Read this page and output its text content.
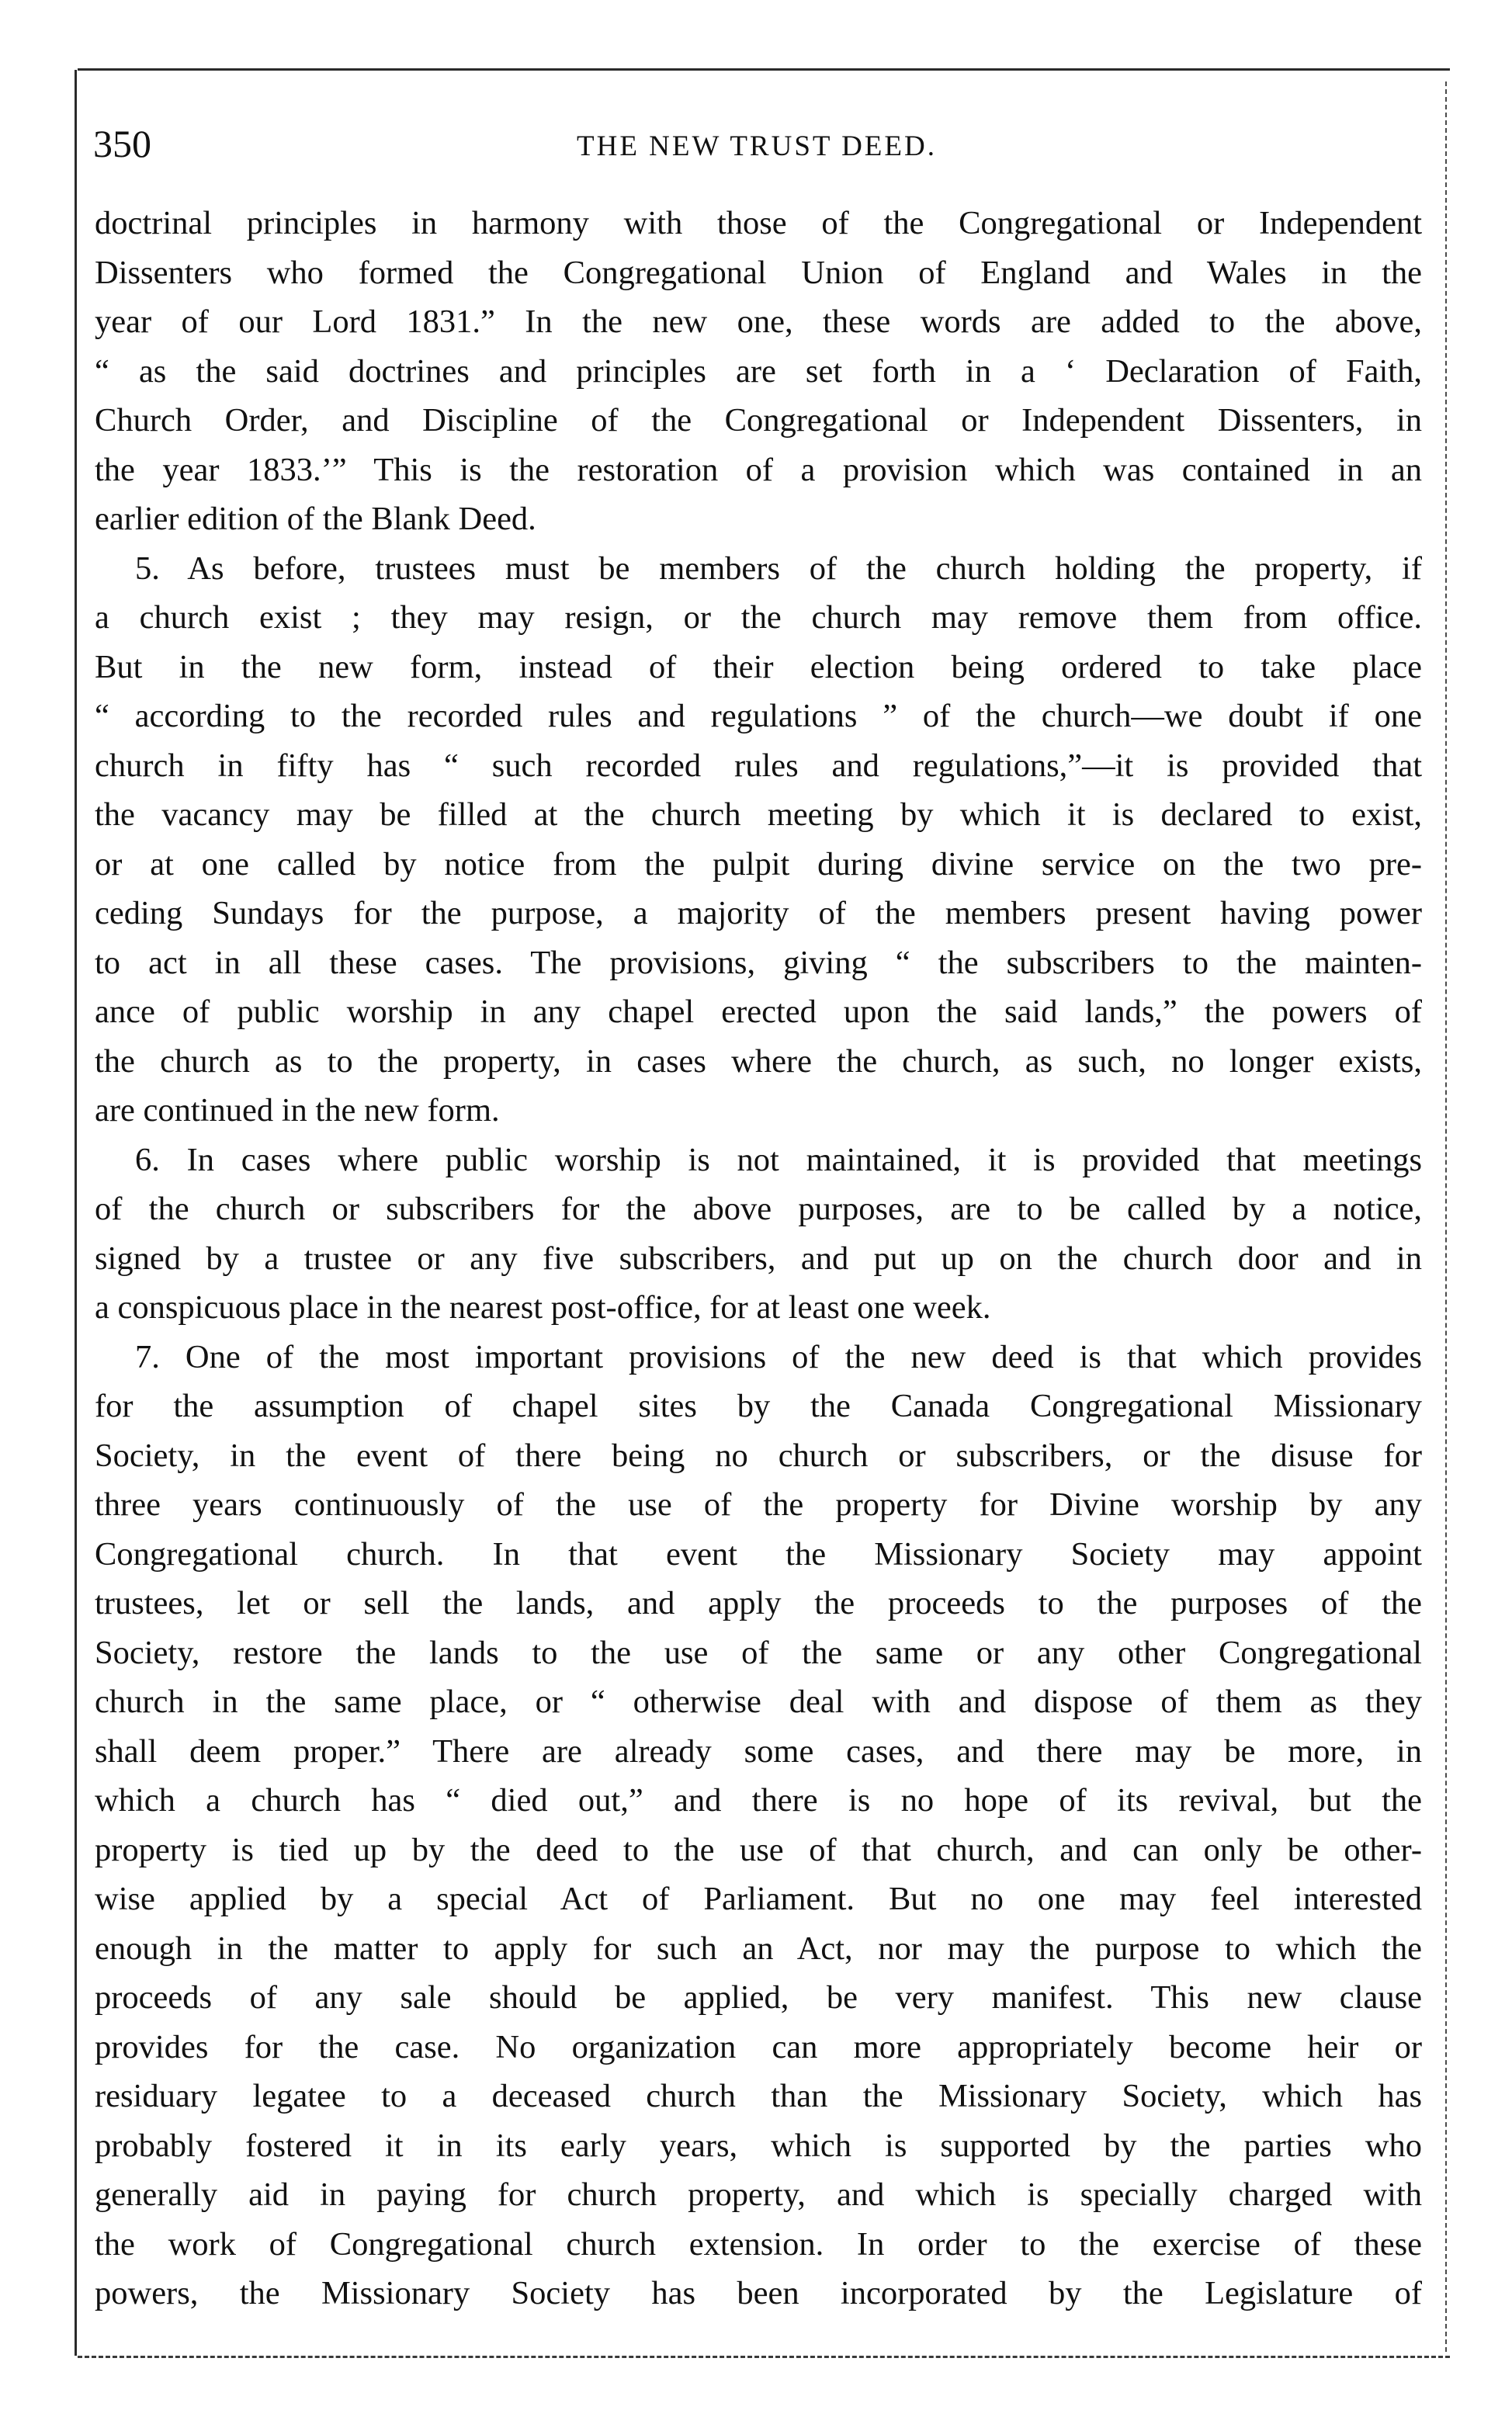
350	THE NEW TRUST DEED.
doctrinal principles in harmony with those of the Congregational or Independent
Dissenters who formed the Congregational Union of England and Wales in the
year of our Lord 1831.” In the new one, these words are added to the above,
“ as the said doctrines and principles are set forth in a ‘ Declaration of Faith,
Church Order, and Discipline of the Congregational or Independent Dissenters, in
the year 1833.’” This is the restoration of a provision which was contained in an
earlier edition of the Blank Deed.
5. As before, trustees must be members of the church holding the property, if
a church exist ; they may resign, or the church may remove them from office.
But in the new form, instead of their election being ordered to take place
“ according to the recorded rules and regulations ” of the church—we doubt if one
church in fifty has “ such recorded rules and regulations,”—it is provided that
the vacancy may be filled at the church meeting by which it is declared to exist,
or at one called by notice from the pulpit during divine service on the two pre-
ceding Sundays for the purpose, a majority of the members present having power
to act in all these cases. The provisions, giving “ the subscribers to the mainten-
ance of public worship in any chapel erected upon the said lands,” the powers of
the church as to the property, in cases where the church, as such, no longer exists,
are continued in the new form.
6. In cases where public worship is not maintained, it is provided that meetings
of the church or subscribers for the above purposes, are to be called by a notice,
signed by a trustee or any five subscribers, and put up on the church door and in
a conspicuous place in the nearest post-office, for at least one week.
7. One of the most important provisions of the new deed is that which provides
for the assumption of chapel sites by the Canada Congregational Missionary
Society, in the event of there being no church or subscribers, or the disuse for
three years continuously of the use of the property for Divine worship by any
Congregational church. In that event the Missionary Society may appoint
trustees, let or sell the lands, and apply the proceeds to the purposes of the
Society, restore the lands to the use of the same or any other Congregational
church in the same place, or “ otherwise deal with and dispose of them as they
shall deem proper.” There are already some cases, and there may be more, in
which a church has “ died out,” and there is no hope of its revival, but the
property is tied up by the deed to the use of that church, and can only be other-
wise applied by a special Act of Parliament. But no one may feel interested
enough in the matter to apply for such an Act, nor may the purpose to which the
proceeds of any sale should be applied, be very manifest. This new clause
provides for the case. No organization can more appropriately become heir or
residuary legatee to a deceased church than the Missionary Society, which has
probably fostered it in its early years, which is supported by the parties who
generally aid in paying for church property, and which is specially charged with
the work of Congregational church extension. In order to the exercise of these
powers, the Missionary Society has been incorporated by the Legislature of
